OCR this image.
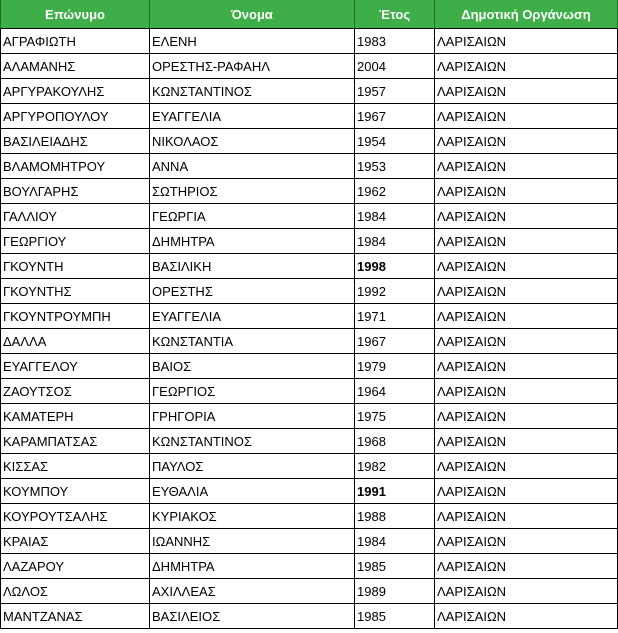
Επώνυμο	Όνομα	Έτος	Δημοτική Οργάνωση
ΑΓΡΑΦΙΩΤΗ	ΕΛΕΝΗ	1983	ΛΑΡΙΣΑΙΩΝ
ΑΛΑΜΑΝΗΣ	ΟΡΕΣΤΗΣ-ΡΑΦΑΗΛ	2004	ΛΑΡΙΣΑΙΩΝ
ΑΡΓΥΡΑΚΟΥΛΗΣ	ΚΩΝΣΤΑΝΤΙΝΟΣ	1957	ΛΑΡΙΣΑΙΩΝ
ΑΡΓΥΡΟΠΟΥΛΟΥ	ΕΥΑΓΓΕΛΙΑ	1967	ΛΑΡΙΣΑΙΩΝ
ΒΑΣΙΛΕΙΑΔΗΣ	ΝΙΚΟΛΑΟΣ	1954	ΛΑΡΙΣΑΙΩΝ
ΒΛΑΜΟΜΗΤΡΟΥ	ΑΝΝΑ	1953	ΛΑΡΙΣΑΙΩΝ
ΒΟΥΛΓΑΡΗΣ	ΣΩΤΗΡΙΟΣ	1962	ΛΑΡΙΣΑΙΩΝ
ΓΑΛΛΙΟΥ	ΓΕΩΡΓΙΑ	1984	ΛΑΡΙΣΑΙΩΝ
ΓΕΩΡΓΙΟΥ	ΔΗΜΗΤΡΑ	1984	ΛΑΡΙΣΑΙΩΝ
ΓΚΟΥΝΤΗ	ΒΑΣΙΛΙΚΗ	1998	ΛΑΡΙΣΑΙΩΝ
ΓΚΟΥΝΤΗΣ	ΟΡΕΣΤΗΣ	1992	ΛΑΡΙΣΑΙΩΝ
ΓΚΟΥΝΤΡΟΥΜΠΗ	ΕΥΑΓΓΕΛΙΑ	1971	ΛΑΡΙΣΑΙΩΝ
ΔΑΛΛΑ	ΚΩΝΣΤΑΝΤΙΑ	1967	ΛΑΡΙΣΑΙΩΝ
ΕΥΑΓΓΕΛΟΥ	ΒΑΙΟΣ	1979	ΛΑΡΙΣΑΙΩΝ
ΖΑΟΥΤΣΟΣ	ΓΕΩΡΓΙΟΣ	1964	ΛΑΡΙΣΑΙΩΝ
ΚΑΜΑΤΕΡΗ	ΓΡΗΓΟΡΙΑ	1975	ΛΑΡΙΣΑΙΩΝ
ΚΑΡΑΜΠΑΤΣΑΣ	ΚΩΝΣΤΑΝΤΙΝΟΣ	1968	ΛΑΡΙΣΑΙΩΝ
ΚΙΣΣΑΣ	ΠΑΥΛΟΣ	1982	ΛΑΡΙΣΑΙΩΝ
ΚΟΥΜΠΟΥ	ΕΥΘΑΛΙΑ	1991	ΛΑΡΙΣΑΙΩΝ
ΚΟΥΡΟΥΤΣΑΛΗΣ	ΚΥΡΙΑΚΟΣ	1988	ΛΑΡΙΣΑΙΩΝ
ΚΡΑΙΑΣ	ΙΩΑΝΝΗΣ	1984	ΛΑΡΙΣΑΙΩΝ
ΛΑΖΑΡΟΥ	ΔΗΜΗΤΡΑ	1985	ΛΑΡΙΣΑΙΩΝ
ΛΩΛΟΣ	ΑΧΙΛΛΕΑΣ	1989	ΛΑΡΙΣΑΙΩΝ
ΜΑΝΤΖΑΝΑΣ	ΒΑΣΙΛΕΙΟΣ	1985	ΛΑΡΙΣΑΙΩΝ
